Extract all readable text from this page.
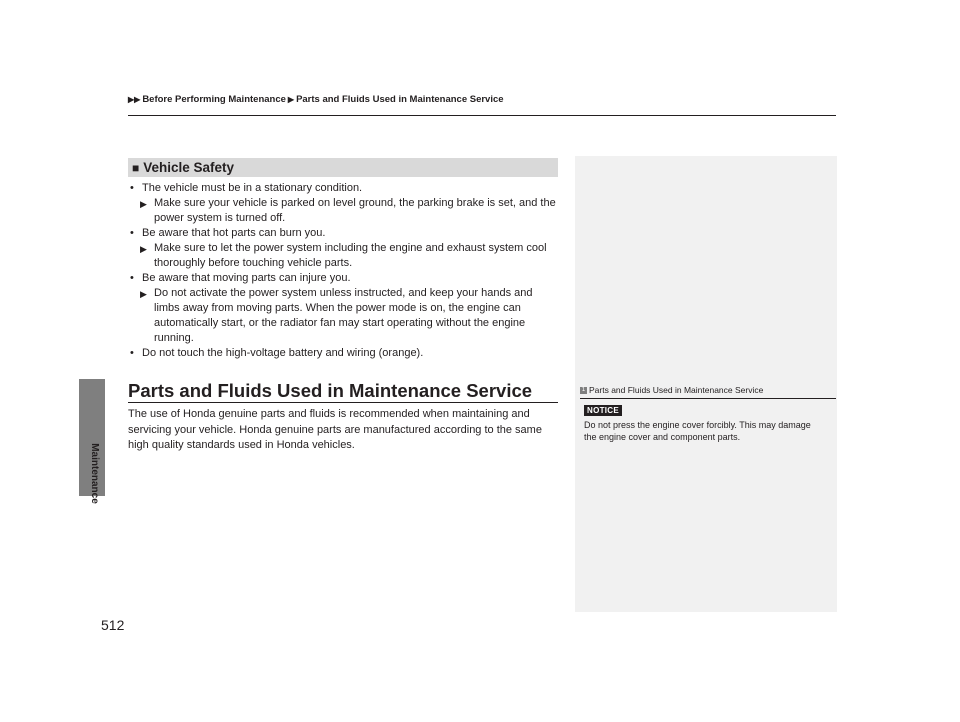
Maintenance
512
▶▶ Before Performing Maintenance ▶ Parts and Fluids Used in Maintenance Service
■ Vehicle Safety
• The vehicle must be in a stationary condition.
▶ Make sure your vehicle is parked on level ground, the parking brake is set, and the power system is turned off.
• Be aware that hot parts can burn you.
▶ Make sure to let the power system including the engine and exhaust system cool thoroughly before touching vehicle parts.
• Be aware that moving parts can injure you.
▶ Do not activate the power system unless instructed, and keep your hands and limbs away from moving parts. When the power mode is on, the engine can automatically start, or the radiator fan may start operating without the engine running.
• Do not touch the high-voltage battery and wiring (orange).
Parts and Fluids Used in Maintenance Service
The use of Honda genuine parts and fluids is recommended when maintaining and servicing your vehicle. Honda genuine parts are manufactured according to the same high quality standards used in Honda vehicles.
1 Parts and Fluids Used in Maintenance Service
NOTICE
Do not press the engine cover forcibly. This may damage the engine cover and component parts.
